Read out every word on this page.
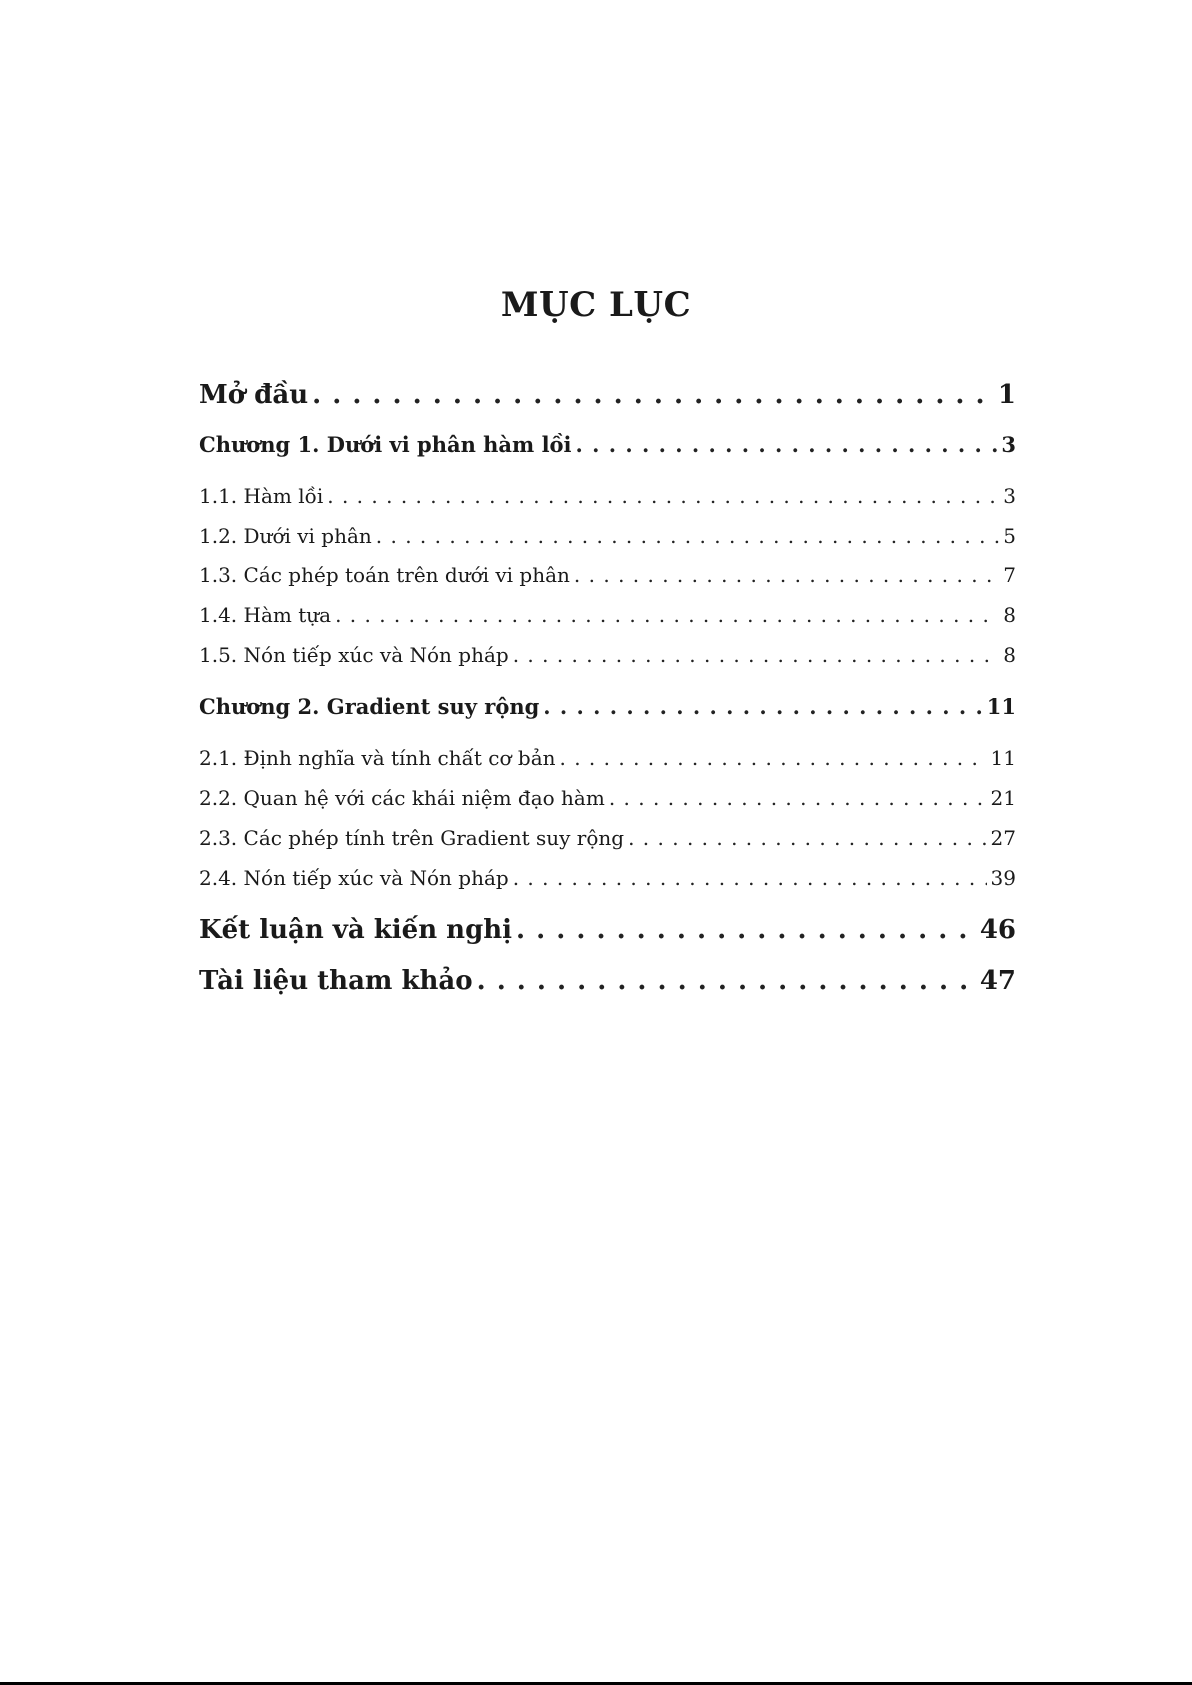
MỤC LỤC
Mở đầu . . .	1
Chương 1. Dưới vi phân hàm lồi . . .	3
1.1. Hàm lồi . . .	3
1.2. Dưới vi phân . . .	5
1.3. Các phép toán trên dưới vi phân . . .	7
1.4. Hàm tựa . . .	8
1.5. Nón tiếp xúc và Nón pháp . . .	8
Chương 2. Gradient suy rộng . . .	11
2.1. Định nghĩa và tính chất cơ bản . . .	11
2.2. Quan hệ với các khái niệm đạo hàm . . .	21
2.3. Các phép tính trên Gradient suy rộng . . .	27
2.4. Nón tiếp xúc và Nón pháp . . .	39
Kết luận và kiến nghị . . .	46
Tài liệu tham khảo . . .	47
